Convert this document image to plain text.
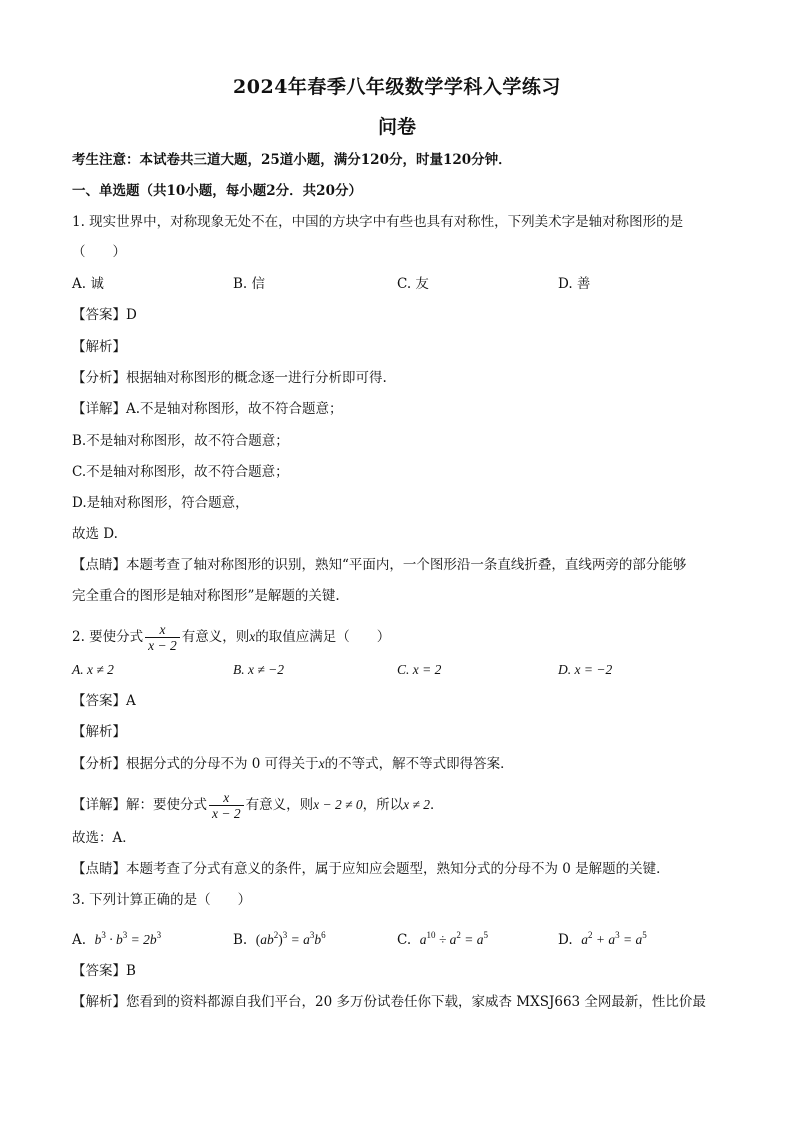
2024年春季八年级数学学科入学练习
问卷
考生注意：本试卷共三道大题，25道小题，满分120分，时量120分钟．
一、单选题（共10小题，每小题2分．共20分）
1. 现实世界中，对称现象无处不在，中国的方块字中有些也具有对称性，下列美术字是轴对称图形的是
（　　）
A. 诚	B. 信	C. 友	D. 善
【答案】D
【解析】
【分析】根据轴对称图形的概念逐一进行分析即可得.
【详解】A.不是轴对称图形，故不符合题意；
B.不是轴对称图形，故不符合题意；
C.不是轴对称图形，故不符合题意；
D.是轴对称图形，符合题意，
故选 D.
【点睛】本题考查了轴对称图形的识别，熟知“平面内，一个图形沿一条直线折叠，直线两旁的部分能够
完全重合的图形是轴对称图形”是解题的关键.
2. 要使分式 $\frac{x}{x - 2}$ 有意义，则x的取值应满足（　　）
A. x ≠ 2	B. x ≠ −2	C. x = 2	D. x = −2
【答案】A
【解析】
【分析】根据分式的分母不为 0 可得关于x的不等式，解不等式即得答案．
【详解】解：要使分式 $\frac{x}{x - 2}$ 有意义，则x − 2 ≠ 0，所以x ≠ 2．
故选：A．
【点睛】本题考查了分式有意义的条件，属于应知应会题型，熟知分式的分母不为 0 是解题的关键．
3. 下列计算正确的是（　　）
A.  $b^3 \cdot b^3 = 2b^3$	B.  $(ab^2)^3 = a^3b^6$	C.  $a^{10} \div a^2 = a^5$	D.  $a^2 + a^3 = a^5$
【答案】B
【解析】您看到的资料都源自我们平台，20 多万份试卷任你下载，家威杏 MXSJ663 全网最新，性比价最
